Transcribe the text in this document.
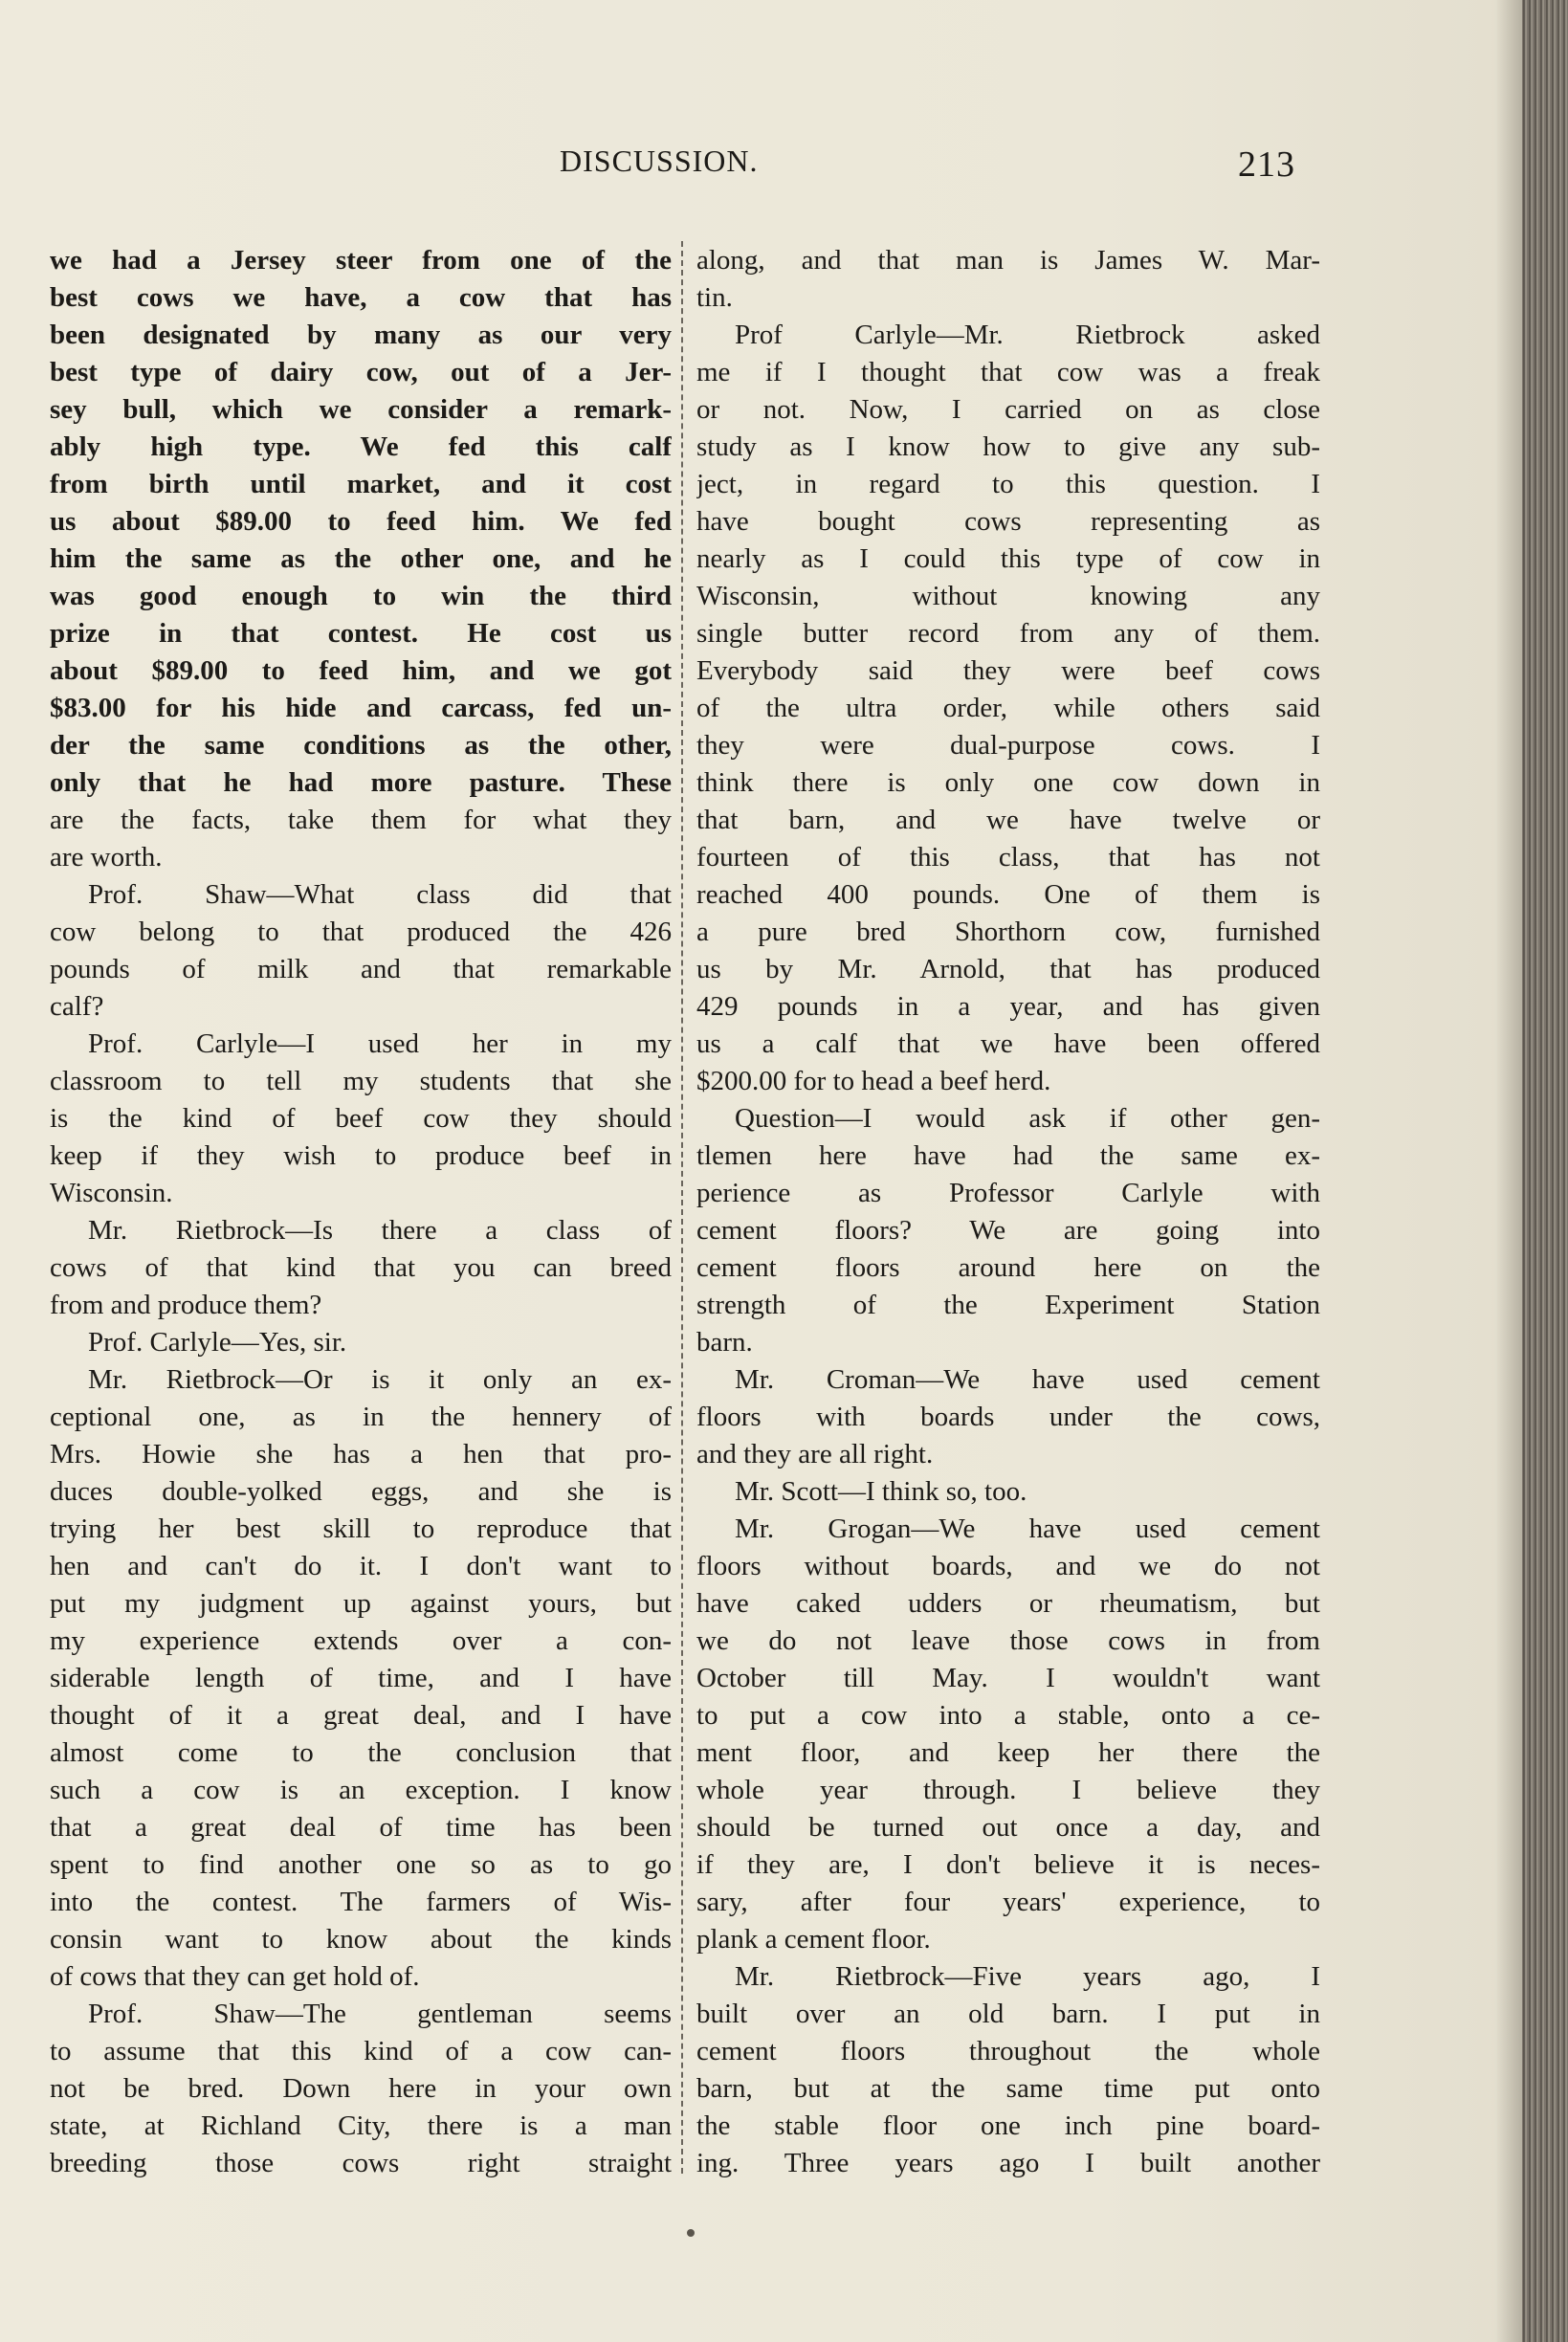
DISCUSSION.	213
we had a Jersey steer from one of the
best cows we have, a cow that has
been designated by many as our very
best type of dairy cow, out of a Jer-
sey bull, which we consider a remark-
ably high type. We fed this calf
from birth until market, and it cost
us about $89.00 to feed him. We fed
him the same as the other one, and he
was good enough to win the third
prize in that contest. He cost us
about $89.00 to feed him, and we got
$83.00 for his hide and carcass, fed un-
der the same conditions as the other,
only that he had more pasture. These
are the facts, take them for what they
are worth.
Prof. Shaw—What class did that
cow belong to that produced the 426
pounds of milk and that remarkable
calf?
Prof. Carlyle—I used her in my
classroom to tell my students that she
is the kind of beef cow they should
keep if they wish to produce beef in
Wisconsin.
Mr. Rietbrock—Is there a class of
cows of that kind that you can breed
from and produce them?
Prof. Carlyle—Yes, sir.
Mr. Rietbrock—Or is it only an ex-
ceptional one, as in the hennery of
Mrs. Howie she has a hen that pro-
duces double-yolked eggs, and she is
trying her best skill to reproduce that
hen and can't do it. I don't want to
put my judgment up against yours, but
my experience extends over a con-
siderable length of time, and I have
thought of it a great deal, and I have
almost come to the conclusion that
such a cow is an exception. I know
that a great deal of time has been
spent to find another one so as to go
into the contest. The farmers of Wis-
consin want to know about the kinds
of cows that they can get hold of.
Prof. Shaw—The gentleman seems
to assume that this kind of a cow can-
not be bred. Down here in your own
state, at Richland City, there is a man
breeding those cows right straight
along, and that man is James W. Mar-
tin.
Prof Carlyle—Mr. Rietbrock asked
me if I thought that cow was a freak
or not. Now, I carried on as close
study as I know how to give any sub-
ject, in regard to this question. I
have bought cows representing as
nearly as I could this type of cow in
Wisconsin, without knowing any
single butter record from any of them.
Everybody said they were beef cows
of the ultra order, while others said
they were dual-purpose cows. I
think there is only one cow down in
that barn, and we have twelve or
fourteen of this class, that has not
reached 400 pounds. One of them is
a pure bred Shorthorn cow, furnished
us by Mr. Arnold, that has produced
429 pounds in a year, and has given
us a calf that we have been offered
$200.00 for to head a beef herd.
Question—I would ask if other gen-
tlemen here have had the same ex-
perience as Professor Carlyle with
cement floors? We are going into
cement floors around here on the
strength of the Experiment Station
barn.
Mr. Croman—We have used cement
floors with boards under the cows,
and they are all right.
Mr. Scott—I think so, too.
Mr. Grogan—We have used cement
floors without boards, and we do not
have caked udders or rheumatism, but
we do not leave those cows in from
October till May. I wouldn't want
to put a cow into a stable, onto a ce-
ment floor, and keep her there the
whole year through. I believe they
should be turned out once a day, and
if they are, I don't believe it is neces-
sary, after four years' experience, to
plank a cement floor.
Mr. Rietbrock—Five years ago, I
built over an old barn. I put in
cement floors throughout the whole
barn, but at the same time put onto
the stable floor one inch pine board-
ing. Three years ago I built another
